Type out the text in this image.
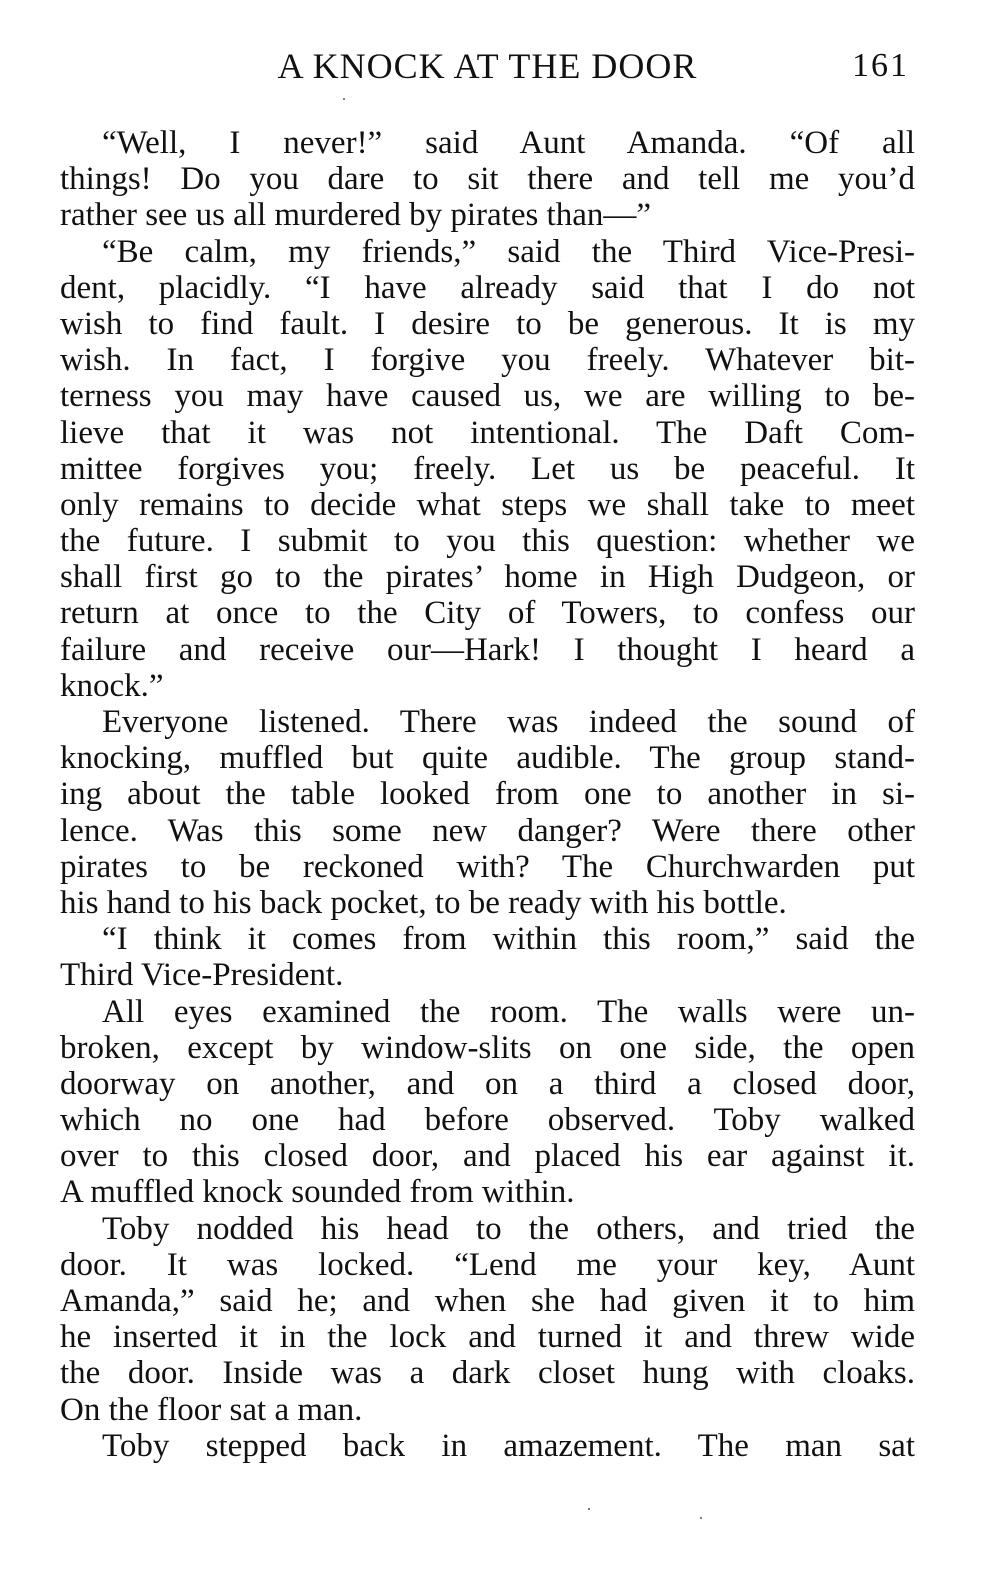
A KNOCK AT THE DOOR	161
“Well, I never!” said Aunt Amanda. “Of all
things! Do you dare to sit there and tell me you’d
rather see us all murdered by pirates than—”
“Be calm, my friends,” said the Third Vice-Presi-
dent, placidly. “I have already said that I do not
wish to find fault. I desire to be generous. It is my
wish. In fact, I forgive you freely. Whatever bit-
terness you may have caused us, we are willing to be-
lieve that it was not intentional. The Daft Com-
mittee forgives you; freely. Let us be peaceful. It
only remains to decide what steps we shall take to meet
the future. I submit to you this question: whether we
shall first go to the pirates’ home in High Dudgeon, or
return at once to the City of Towers, to confess our
failure and receive our—Hark! I thought I heard a
knock.”
Everyone listened. There was indeed the sound of
knocking, muffled but quite audible. The group stand-
ing about the table looked from one to another in si-
lence. Was this some new danger? Were there other
pirates to be reckoned with? The Churchwarden put
his hand to his back pocket, to be ready with his bottle.
“I think it comes from within this room,” said the
Third Vice-President.
All eyes examined the room. The walls were un-
broken, except by window-slits on one side, the open
doorway on another, and on a third a closed door,
which no one had before observed. Toby walked
over to this closed door, and placed his ear against it.
A muffled knock sounded from within.
Toby nodded his head to the others, and tried the
door. It was locked. “Lend me your key, Aunt
Amanda,” said he; and when she had given it to him
he inserted it in the lock and turned it and threw wide
the door. Inside was a dark closet hung with cloaks.
On the floor sat a man.
Toby stepped back in amazement. The man sat
